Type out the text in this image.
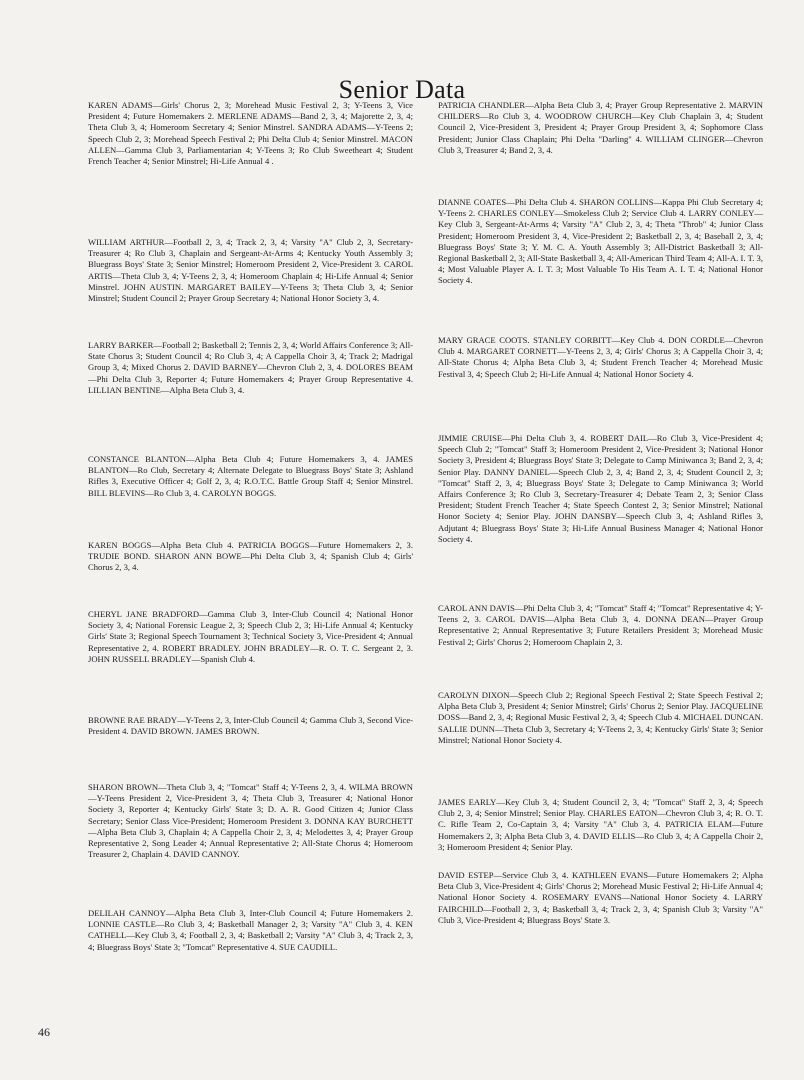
Senior Data

KAREN ADAMS—Girls' Chorus 2, 3; Morehead Music Festival 2, 3; Y-Teens 3, Vice President 4; Future Homemakers 2. MERLENE ADAMS—Band 2, 3, 4; Majorette 2, 3, 4; Theta Club 3, 4; Homeroom Secretary 4; Senior Minstrel. SANDRA ADAMS—Y-Teens 2; Speech Club 2, 3; Morehead Speech Festival 2; Phi Delta Club 4; Senior Minstrel. MACON ALLEN—Gamma Club 3, Parliamentarian 4; Y-Teens 3; Ro Club Sweetheart 4; Student French Teacher 4; Senior Minstrel; Hi-Life Annual 4 .

WILLIAM ARTHUR—Football 2, 3, 4; Track 2, 3, 4; Varsity "A" Club 2, 3, Secretary-Treasurer 4; Ro Club 3, Chaplain and Sergeant-At-Arms 4; Kentucky Youth Assembly 3; Bluegrass Boys' State 3; Senior Minstrel; Homeroom President 2, Vice-President 3. CAROL ARTIS—Theta Club 3, 4; Y-Teens 2, 3, 4; Homeroom Chaplain 4; Hi-Life Annual 4; Senior Minstrel. JOHN AUSTIN. MARGARET BAILEY—Y-Teens 3; Theta Club 3, 4; Senior Minstrel; Student Council 2; Prayer Group Secretary 4; National Honor Society 3, 4.

LARRY BARKER—Football 2; Basketball 2; Tennis 2, 3, 4; World Affairs Conference 3; All-State Chorus 3; Student Council 4; Ro Club 3, 4; A Cappella Choir 3, 4; Track 2; Madrigal Group 3, 4; Mixed Chorus 2. DAVID BARNEY—Chevron Club 2, 3, 4. DOLORES BEAM—Phi Delta Club 3, Reporter 4; Future Homemakers 4; Prayer Group Representative 4. LILLIAN BENTINE—Alpha Beta Club 3, 4.

CONSTANCE BLANTON—Alpha Beta Club 4; Future Homemakers 3, 4. JAMES BLANTON—Ro Club, Secretary 4; Alternate Delegate to Bluegrass Boys' State 3; Ashland Rifles 3, Executive Officer 4; Golf 2, 3, 4; R.O.T.C. Battle Group Staff 4; Senior Minstrel. BILL BLEVINS—Ro Club 3, 4. CAROLYN BOGGS.

KAREN BOGGS—Alpha Beta Club 4. PATRICIA BOGGS—Future Homemakers 2, 3. TRUDIE BOND. SHARON ANN BOWE—Phi Delta Club 3, 4; Spanish Club 4; Girls' Chorus 2, 3, 4.

CHERYL JANE BRADFORD—Gamma Club 3, Inter-Club Council 4; National Honor Society 3, 4; National Forensic League 2, 3; Speech Club 2, 3; Hi-Life Annual 4; Kentucky Girls' State 3; Regional Speech Tournament 3; Technical Society 3, Vice-President 4; Annual Representative 2, 4. ROBERT BRADLEY. JOHN BRADLEY—R. O. T. C. Sergeant 2, 3. JOHN RUSSELL BRADLEY—Spanish Club 4.

BROWNE RAE BRADY—Y-Teens 2, 3, Inter-Club Council 4; Gamma Club 3, Second Vice-President 4. DAVID BROWN. JAMES BROWN.

SHARON BROWN—Theta Club 3, 4; "Tomcat" Staff 4; Y-Teens 2, 3, 4. WILMA BROWN—Y-Teens President 2, Vice-President 3, 4; Theta Club 3, Treasurer 4; National Honor Society 3, Reporter 4; Kentucky Girls' State 3; D. A. R. Good Citizen 4; Junior Class Secretary; Senior Class Vice-President; Homeroom President 3. DONNA KAY BURCHETT—Alpha Beta Club 3, Chaplain 4; A Cappella Choir 2, 3, 4; Melodettes 3, 4; Prayer Group Representative 2, Song Leader 4; Annual Representative 2; All-State Chorus 4; Homeroom Treasurer 2, Chaplain 4. DAVID CANNOY.

DELILAH CANNOY—Alpha Beta Club 3, Inter-Club Council 4; Future Homemakers 2. LONNIE CASTLE—Ro Club 3, 4; Basketball Manager 2, 3; Varsity "A" Club 3, 4. KEN CATHELL—Key Club 3, 4; Football 2, 3, 4; Basketball 2; Varsity "A" Club 3, 4; Track 2, 3, 4; Bluegrass Boys' State 3; "Tomcat" Representative 4. SUE CAUDILL.

PATRICIA CHANDLER—Alpha Beta Club 3, 4; Prayer Group Representative 2. MARVIN CHILDERS—Ro Club 3, 4. WOODROW CHURCH—Key Club Chaplain 3, 4; Student Council 2, Vice-President 3, President 4; Prayer Group President 3, 4; Sophomore Class President; Junior Class Chaplain; Phi Delta "Darling" 4. WILLIAM CLINGER—Chevron Club 3, Treasurer 4; Band 2, 3, 4.

DIANNE COATES—Phi Delta Club 4. SHARON COLLINS—Kappa Phi Club Secretary 4; Y-Teens 2. CHARLES CONLEY—Smokeless Club 2; Service Club 4. LARRY CONLEY—Key Club 3, Sergeant-At-Arms 4; Varsity "A" Club 2, 3, 4; Theta "Throb" 4; Junior Class President; Homeroom President 3, 4, Vice-President 2; Basketball 2, 3, 4; Baseball 2, 3, 4; Bluegrass Boys' State 3; Y. M. C. A. Youth Assembly 3; All-District Basketball 3; All-Regional Basketball 2, 3; All-State Basketball 3, 4; All-American Third Team 4; All-A. I. T. 3, 4; Most Valuable Player A. I. T. 3; Most Valuable To His Team A. I. T. 4; National Honor Society 4.

MARY GRACE COOTS. STANLEY CORBITT—Key Club 4. DON CORDLE—Chevron Club 4. MARGARET CORNETT—Y-Teens 2, 3, 4; Girls' Chorus 3; A Cappella Choir 3, 4; All-State Chorus 4; Alpha Beta Club 3, 4; Student French Teacher 4; Morehead Music Festival 3, 4; Speech Club 2; Hi-Life Annual 4; National Honor Society 4.

JIMMIE CRUISE—Phi Delta Club 3, 4. ROBERT DAIL—Ro Club 3, Vice-President 4; Speech Club 2; "Tomcat" Staff 3; Homeroom President 2, Vice-President 3; National Honor Society 3, President 4; Bluegrass Boys' State 3; Delegate to Camp Miniwanca 3; Band 2, 3, 4; Senior Play. DANNY DANIEL—Speech Club 2, 3, 4; Band 2, 3, 4; Student Council 2, 3; "Tomcat" Staff 2, 3, 4; Bluegrass Boys' State 3; Delegate to Camp Miniwanca 3; World Affairs Conference 3; Ro Club 3, Secretary-Treasurer 4; Debate Team 2, 3; Senior Class President; Student French Teacher 4; State Speech Contest 2, 3; Senior Minstrel; National Honor Society 4; Senior Play. JOHN DANSBY—Speech Club 3, 4; Ashland Rifles 3, Adjutant 4; Bluegrass Boys' State 3; Hi-Life Annual Business Manager 4; National Honor Society 4.

CAROL ANN DAVIS—Phi Delta Club 3, 4; "Tomcat" Staff 4; "Tomcat" Representative 4; Y-Teens 2, 3. CAROL DAVIS—Alpha Beta Club 3, 4. DONNA DEAN—Prayer Group Representative 2; Annual Representative 3; Future Retailers President 3; Morehead Music Festival 2; Girls' Chorus 2; Homeroom Chaplain 2, 3.

CAROLYN DIXON—Speech Club 2; Regional Speech Festival 2; State Speech Festival 2; Alpha Beta Club 3, President 4; Senior Minstrel; Girls' Chorus 2; Senior Play. JACQUELINE DOSS—Band 2, 3, 4; Regional Music Festival 2, 3, 4; Speech Club 4. MICHAEL DUNCAN. SALLIE DUNN—Theta Club 3, Secretary 4; Y-Teens 2, 3, 4; Kentucky Girls' State 3; Senior Minstrel; National Honor Society 4.

JAMES EARLY—Key Club 3, 4; Student Council 2, 3, 4; "Tomcat" Staff 2, 3, 4; Speech Club 2, 3, 4; Senior Minstrel; Senior Play. CHARLES EATON—Chevron Club 3, 4; R. O. T. C. Rifle Team 2, Co-Captain 3, 4; Varsity "A" Club 3, 4. PATRICIA ELAM—Future Homemakers 2, 3; Alpha Beta Club 3, 4. DAVID ELLIS—Ro Club 3, 4; A Cappella Choir 2, 3; Homeroom President 4; Senior Play.

DAVID ESTEP—Service Club 3, 4. KATHLEEN EVANS—Future Homemakers 2; Alpha Beta Club 3, Vice-President 4; Girls' Chorus 2; Morehead Music Festival 2; Hi-Life Annual 4; National Honor Society 4. ROSEMARY EVANS—National Honor Society 4. LARRY FAIRCHILD—Football 2, 3, 4; Basketball 3, 4; Track 2, 3, 4; Spanish Club 3; Varsity "A" Club 3, Vice-President 4; Bluegrass Boys' State 3.

46
